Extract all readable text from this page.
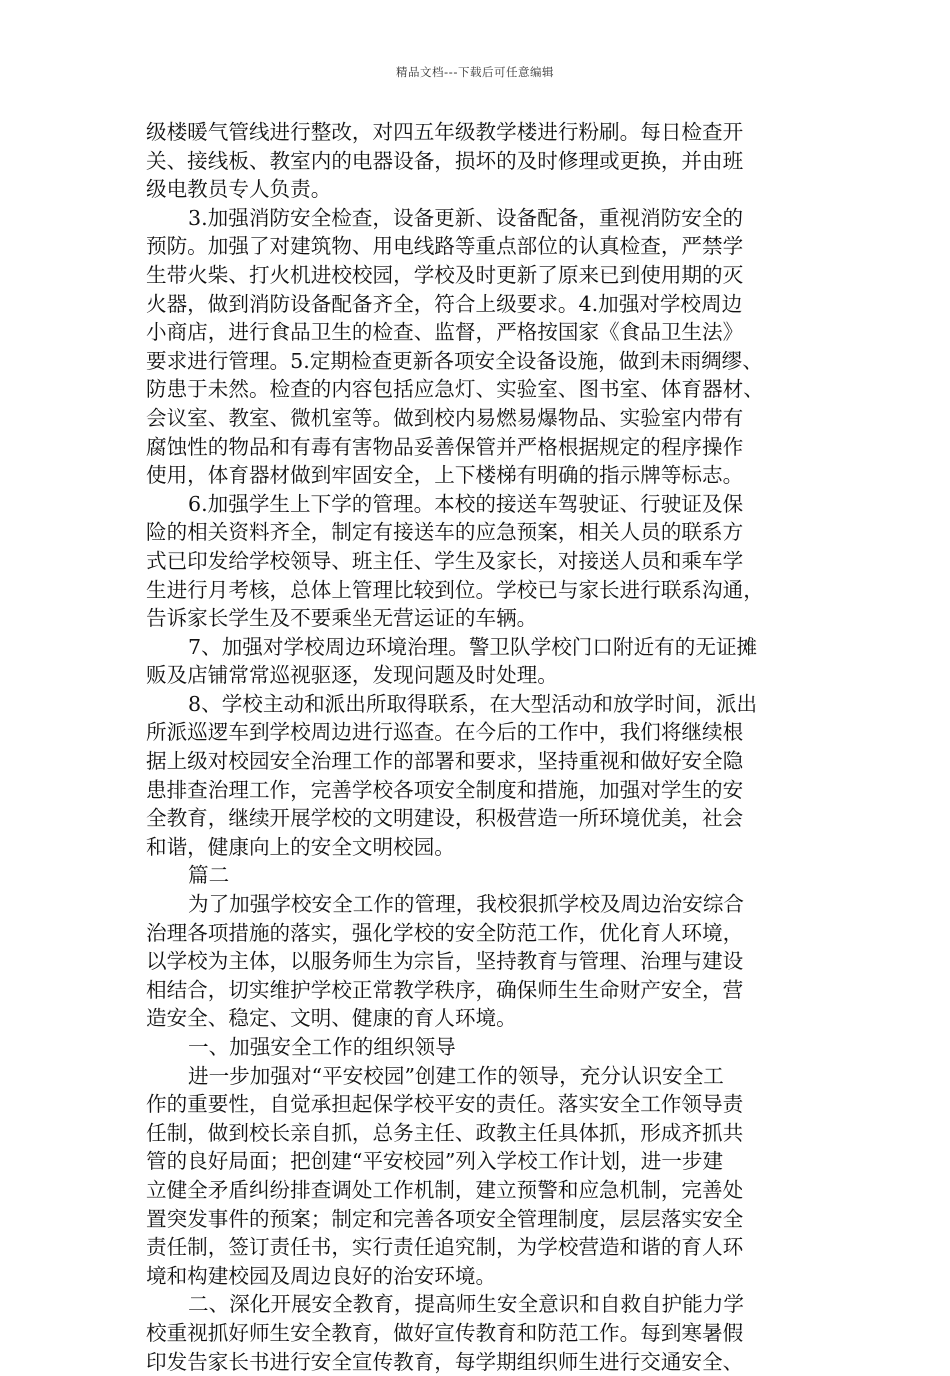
精品文档---下载后可任意编辑
级楼暖气管线进行整改，对四五年级教学楼进行粉刷。每日检查开
关、接线板、教室内的电器设备，损坏的及时修理或更换，并由班
级电教员专人负责。
3.加强消防安全检查，设备更新、设备配备，重视消防安全的
预防。加强了对建筑物、用电线路等重点部位的认真检查，严禁学
生带火柴、打火机进校校园，学校及时更新了原来已到使用期的灭
火器，做到消防设备配备齐全，符合上级要求。4.加强对学校周边
小商店，进行食品卫生的检查、监督，严格按国家《食品卫生法》
要求进行管理。5.定期检查更新各项安全设备设施，做到未雨绸缪、
防患于未然。检查的内容包括应急灯、实验室、图书室、体育器材、
会议室、教室、微机室等。做到校内易燃易爆物品、实验室内带有
腐蚀性的物品和有毒有害物品妥善保管并严格根据规定的程序操作
使用，体育器材做到牢固安全，上下楼梯有明确的指示牌等标志。
6.加强学生上下学的管理。本校的接送车驾驶证、行驶证及保
险的相关资料齐全，制定有接送车的应急预案，相关人员的联系方
式已印发给学校领导、班主任、学生及家长，对接送人员和乘车学
生进行月考核，总体上管理比较到位。学校已与家长进行联系沟通，
告诉家长学生及不要乘坐无营运证的车辆。
7、加强对学校周边环境治理。警卫队学校门口附近有的无证摊
贩及店铺常常巡视驱逐，发现问题及时处理。
8、学校主动和派出所取得联系，在大型活动和放学时间，派出
所派巡逻车到学校周边进行巡查。在今后的工作中，我们将继续根
据上级对校园安全治理工作的部署和要求，坚持重视和做好安全隐
患排查治理工作，完善学校各项安全制度和措施，加强对学生的安
全教育，继续开展学校的文明建设，积极营造一所环境优美，社会
和谐，健康向上的安全文明校园。
篇二
为了加强学校安全工作的管理，我校狠抓学校及周边治安综合
治理各项措施的落实，强化学校的安全防范工作，优化育人环境，
以学校为主体，以服务师生为宗旨，坚持教育与管理、治理与建设
相结合，切实维护学校正常教学秩序，确保师生生命财产安全，营
造安全、稳定、文明、健康的育人环境。
一、加强安全工作的组织领导
进一步加强对“平安校园”创建工作的领导，充分认识安全工
作的重要性，自觉承担起保学校平安的责任。落实安全工作领导责
任制，做到校长亲自抓，总务主任、政教主任具体抓，形成齐抓共
管的良好局面；把创建“平安校园”列入学校工作计划，进一步建
立健全矛盾纠纷排查调处工作机制，建立预警和应急机制，完善处
置突发事件的预案；制定和完善各项安全管理制度，层层落实安全
责任制，签订责任书，实行责任追究制，为学校营造和谐的育人环
境和构建校园及周边良好的治安环境。
二、深化开展安全教育，提高师生安全意识和自救自护能力学
校重视抓好师生安全教育，做好宣传教育和防范工作。每到寒暑假
印发告家长书进行安全宣传教育，每学期组织师生进行交通安全、
